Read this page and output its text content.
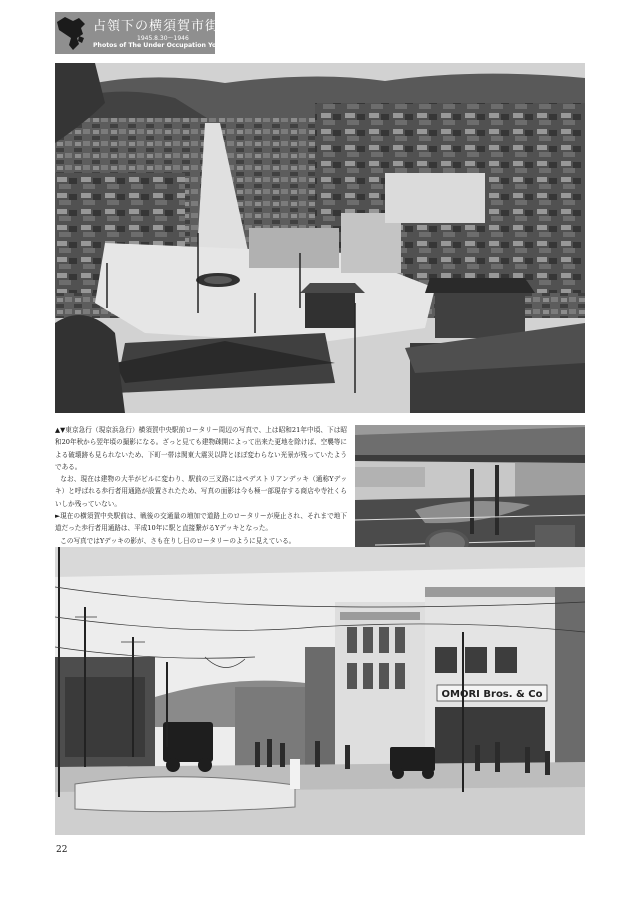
占領下の横須賀市街
1945.8.30～1946
Photos of The Under Occupation Yokosuka city

▲▼東京急行（現京浜急行）横須賀中央駅前ロータリー周辺の写真で、上は昭和21年中頃、下は昭和20年秋から翌年頃の撮影になる。ざっと見ても建物疎開によって出来た更地を除けば、空襲等による破壊跡も見られないため、下町一帯は関東大震災以降とほぼ変わらない光景が残っていたようである。

なお、現在は建物の大半がビルに変わり、駅前の三叉路にはペデストリアンデッキ（通称Yデッキ）と呼ばれる歩行者用通路が設置されたため、写真の面影は今も極一部現存する商店や寺社くらいしか残っていない。

►現在の横須賀中央駅前は、戦後の交通量の増加で道路上のロータリーが廃止され、それまで地下道だった歩行者用通路は、平成10年に駅と直接繋がるYデッキとなった。

この写真ではYデッキの影が、さも在りし日のロータリーのように見えている。

OMORI Bros. & Co
22
